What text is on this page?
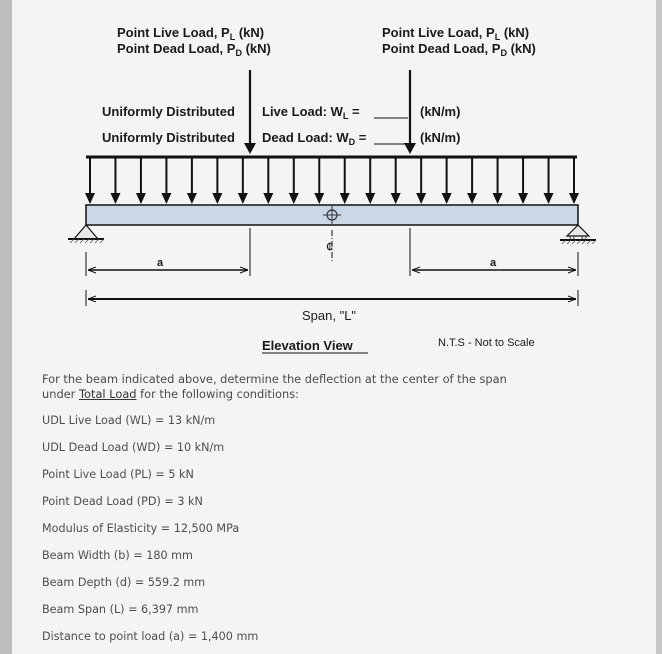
Point Live Load, $P_L$ (kN)
Point Dead Load, $P_D$ (kN)
Point Live Load, $P_L$ (kN)
Point Dead Load, $P_D$ (kN)
Uniformly Distributed Live Load: $W_L$ =	(kN/m)
Uniformly Distributed Dead Load: $W_D$ =	(kN/m)
¢
a	a
Span, "L"
Elevation View	N.T.S - Not to Scale
For the beam indicated above, determine the deflection at the center of the span
under Total Load for the following conditions:
UDL Live Load (WL) = 13 kN/m
UDL Dead Load (WD) = 10 kN/m
Point Live Load (PL) = 5 kN
Point Dead Load (PD) = 3 kN
Modulus of Elasticity = 12,500 MPa
Beam Width (b) = 180 mm
Beam Depth (d) = 559.2 mm
Beam Span (L) = 6,397 mm
Distance to point load (a) = 1,400 mm
